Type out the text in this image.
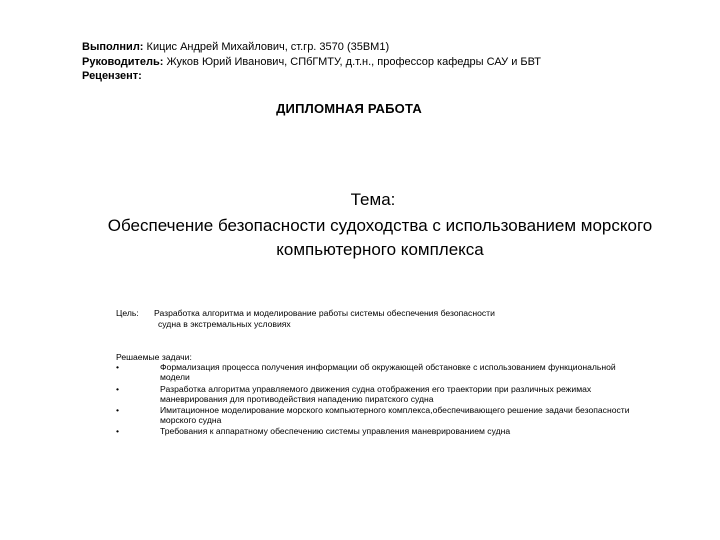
Выполнил: Кицис Андрей Михайлович, ст.гр. 3570 (35ВМ1)
Руководитель: Жуков Юрий Иванович, СПбГМТУ, д.т.н., профессор кафедры САУ и БВТ
Рецензент:
ДИПЛОМНАЯ РАБОТА
Тема:
Обеспечение безопасности судоходства с использованием морского компьютерного комплекса
Цель: Разработка алгоритма и моделирование работы системы обеспечения безопасности
судна в экстремальных условиях
Решаемые задачи:
•	Формализация процесса получения информации об окружающей обстановке с использованием функциональной модели
•	Разработка алгоритма управляемого движения судна отображения его траектории при различных режимах маневрирования для противодействия нападению пиратского судна
•	Имитационное моделирование морского компьютерного комплекса,обеспечивающего решение задачи безопасности морского судна
•	Требования к аппаратному обеспечению системы управления маневрированием судна
